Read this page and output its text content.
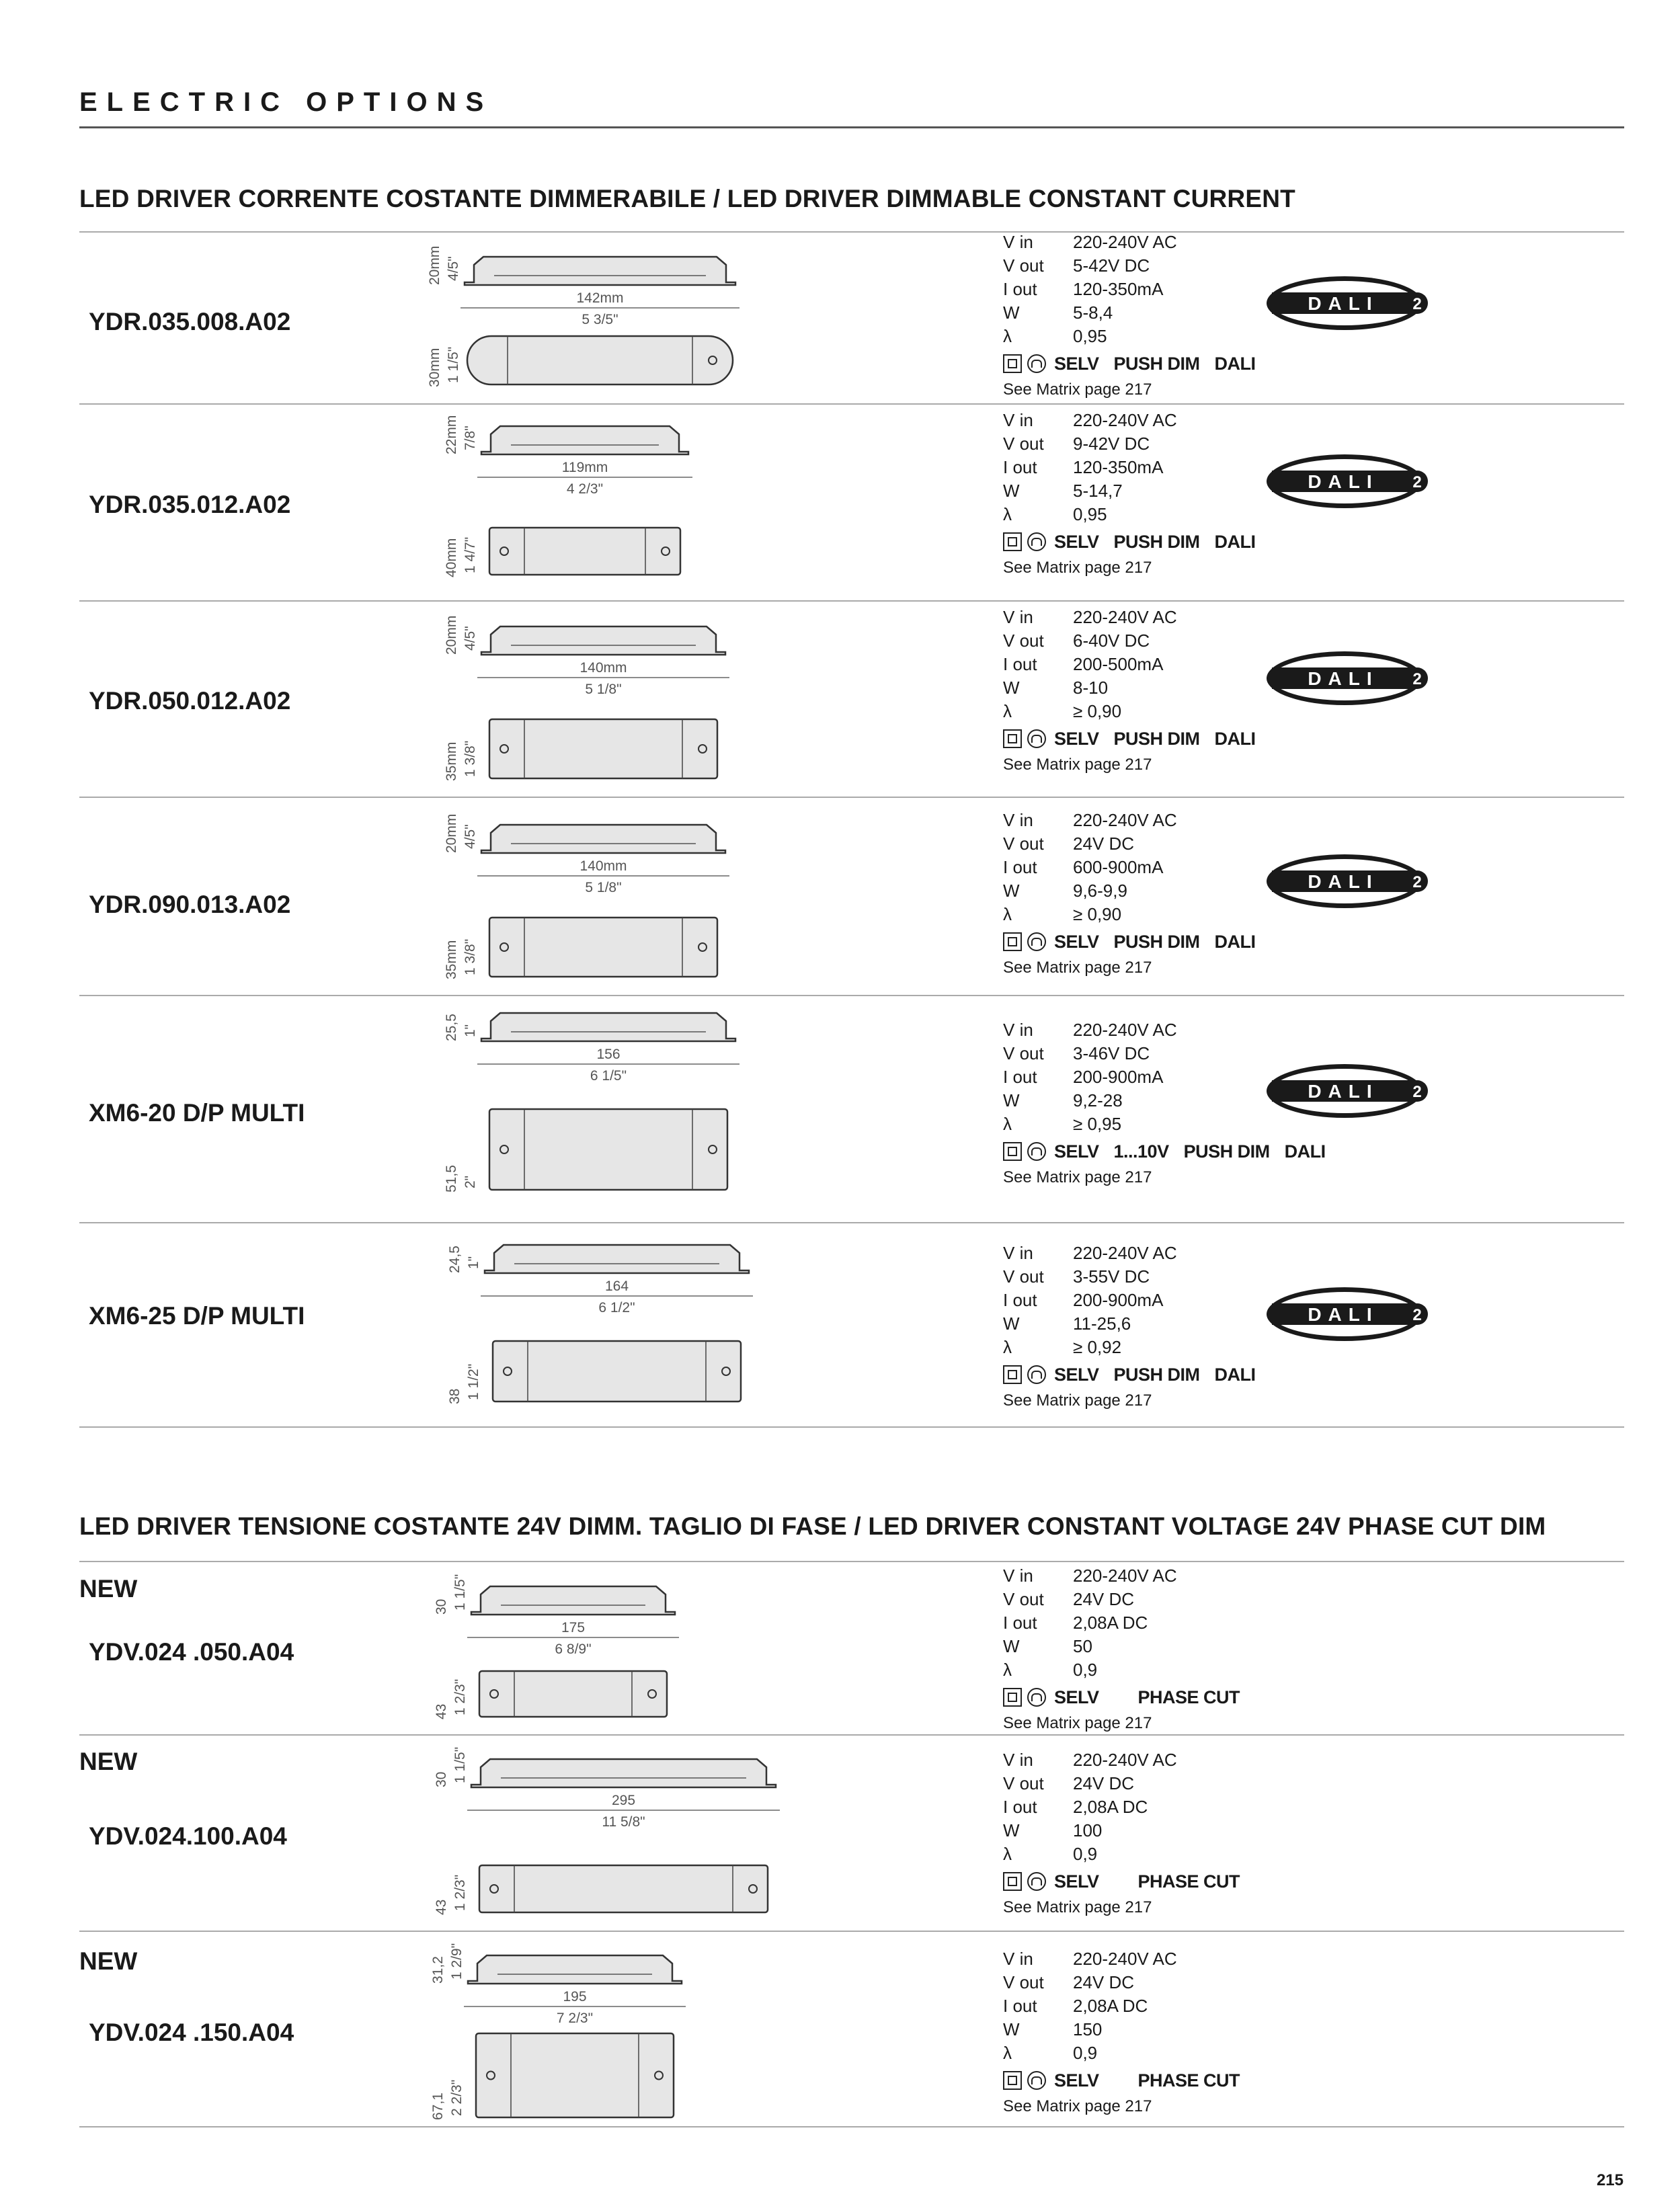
ELECTRIC OPTIONS
LED DRIVER CORRENTE COSTANTE DIMMERABILE / LED DRIVER DIMMABLE CONSTANT CURRENT
YDR.035.008.A02
142mm
5 3/5"
20mm 4/5"
30mm 1 1/5"
V in	220-240V AC
V out	5-42V DC
I out	120-350mA
W	5-8,4
λ	0,95
SELV PUSH DIM DALI
See Matrix page 217
DALI 2
YDR.035.012.A02
119mm
4 2/3"
22mm 7/8"
40mm 1 4/7"
V in	220-240V AC
V out	9-42V DC
I out	120-350mA
W	5-14,7
λ	0,95
SELV PUSH DIM DALI
See Matrix page 217
DALI 2
YDR.050.012.A02
140mm
5 1/8"
20mm 4/5"
35mm 1 3/8"
V in	220-240V AC
V out	6-40V DC
I out	200-500mA
W	8-10
λ	≥ 0,90
SELV PUSH DIM DALI
See Matrix page 217
DALI 2
YDR.090.013.A02
140mm
5 1/8"
20mm 4/5"
35mm 1 3/8"
V in	220-240V AC
V out	24V DC
I out	600-900mA
W	9,6-9,9
λ	≥ 0,90
SELV PUSH DIM DALI
See Matrix page 217
DALI 2
XM6-20 D/P MULTI
156
6 1/5"
25,5 1"
51,5 2"
V in	220-240V AC
V out	3-46V DC
I out	200-900mA
W	9,2-28
λ	≥ 0,95
SELV 1...10V PUSH DIM DALI
See Matrix page 217
DALI 2
XM6-25 D/P MULTI
164
6 1/2"
24,5 1"
38 1 1/2"
V in	220-240V AC
V out	3-55V DC
I out	200-900mA
W	11-25,6
λ	≥ 0,92
SELV PUSH DIM DALI
See Matrix page 217
DALI 2
NEW
YDV.024 .050.A04
175
6 8/9"
30 1 1/5"
43 1 2/3"
V in	220-240V AC
V out	24V DC
I out	2,08A DC
W	50
λ	0,9
SELV PHASE CUT
See Matrix page 217
NEW
YDV.024.100.A04
295
11 5/8"
30 1 1/5"
43 1 2/3"
V in	220-240V AC
V out	24V DC
I out	2,08A DC
W	100
λ	0,9
SELV PHASE CUT
See Matrix page 217
NEW
YDV.024 .150.A04
195
7 2/3"
31,2 1 2/9"
67,1 2 2/3"
V in	220-240V AC
V out	24V DC
I out	2,08A DC
W	150
λ	0,9
SELV PHASE CUT
See Matrix page 217
LED DRIVER TENSIONE COSTANTE 24V DIMM. TAGLIO DI FASE / LED DRIVER CONSTANT VOLTAGE 24V PHASE CUT DIM
215
